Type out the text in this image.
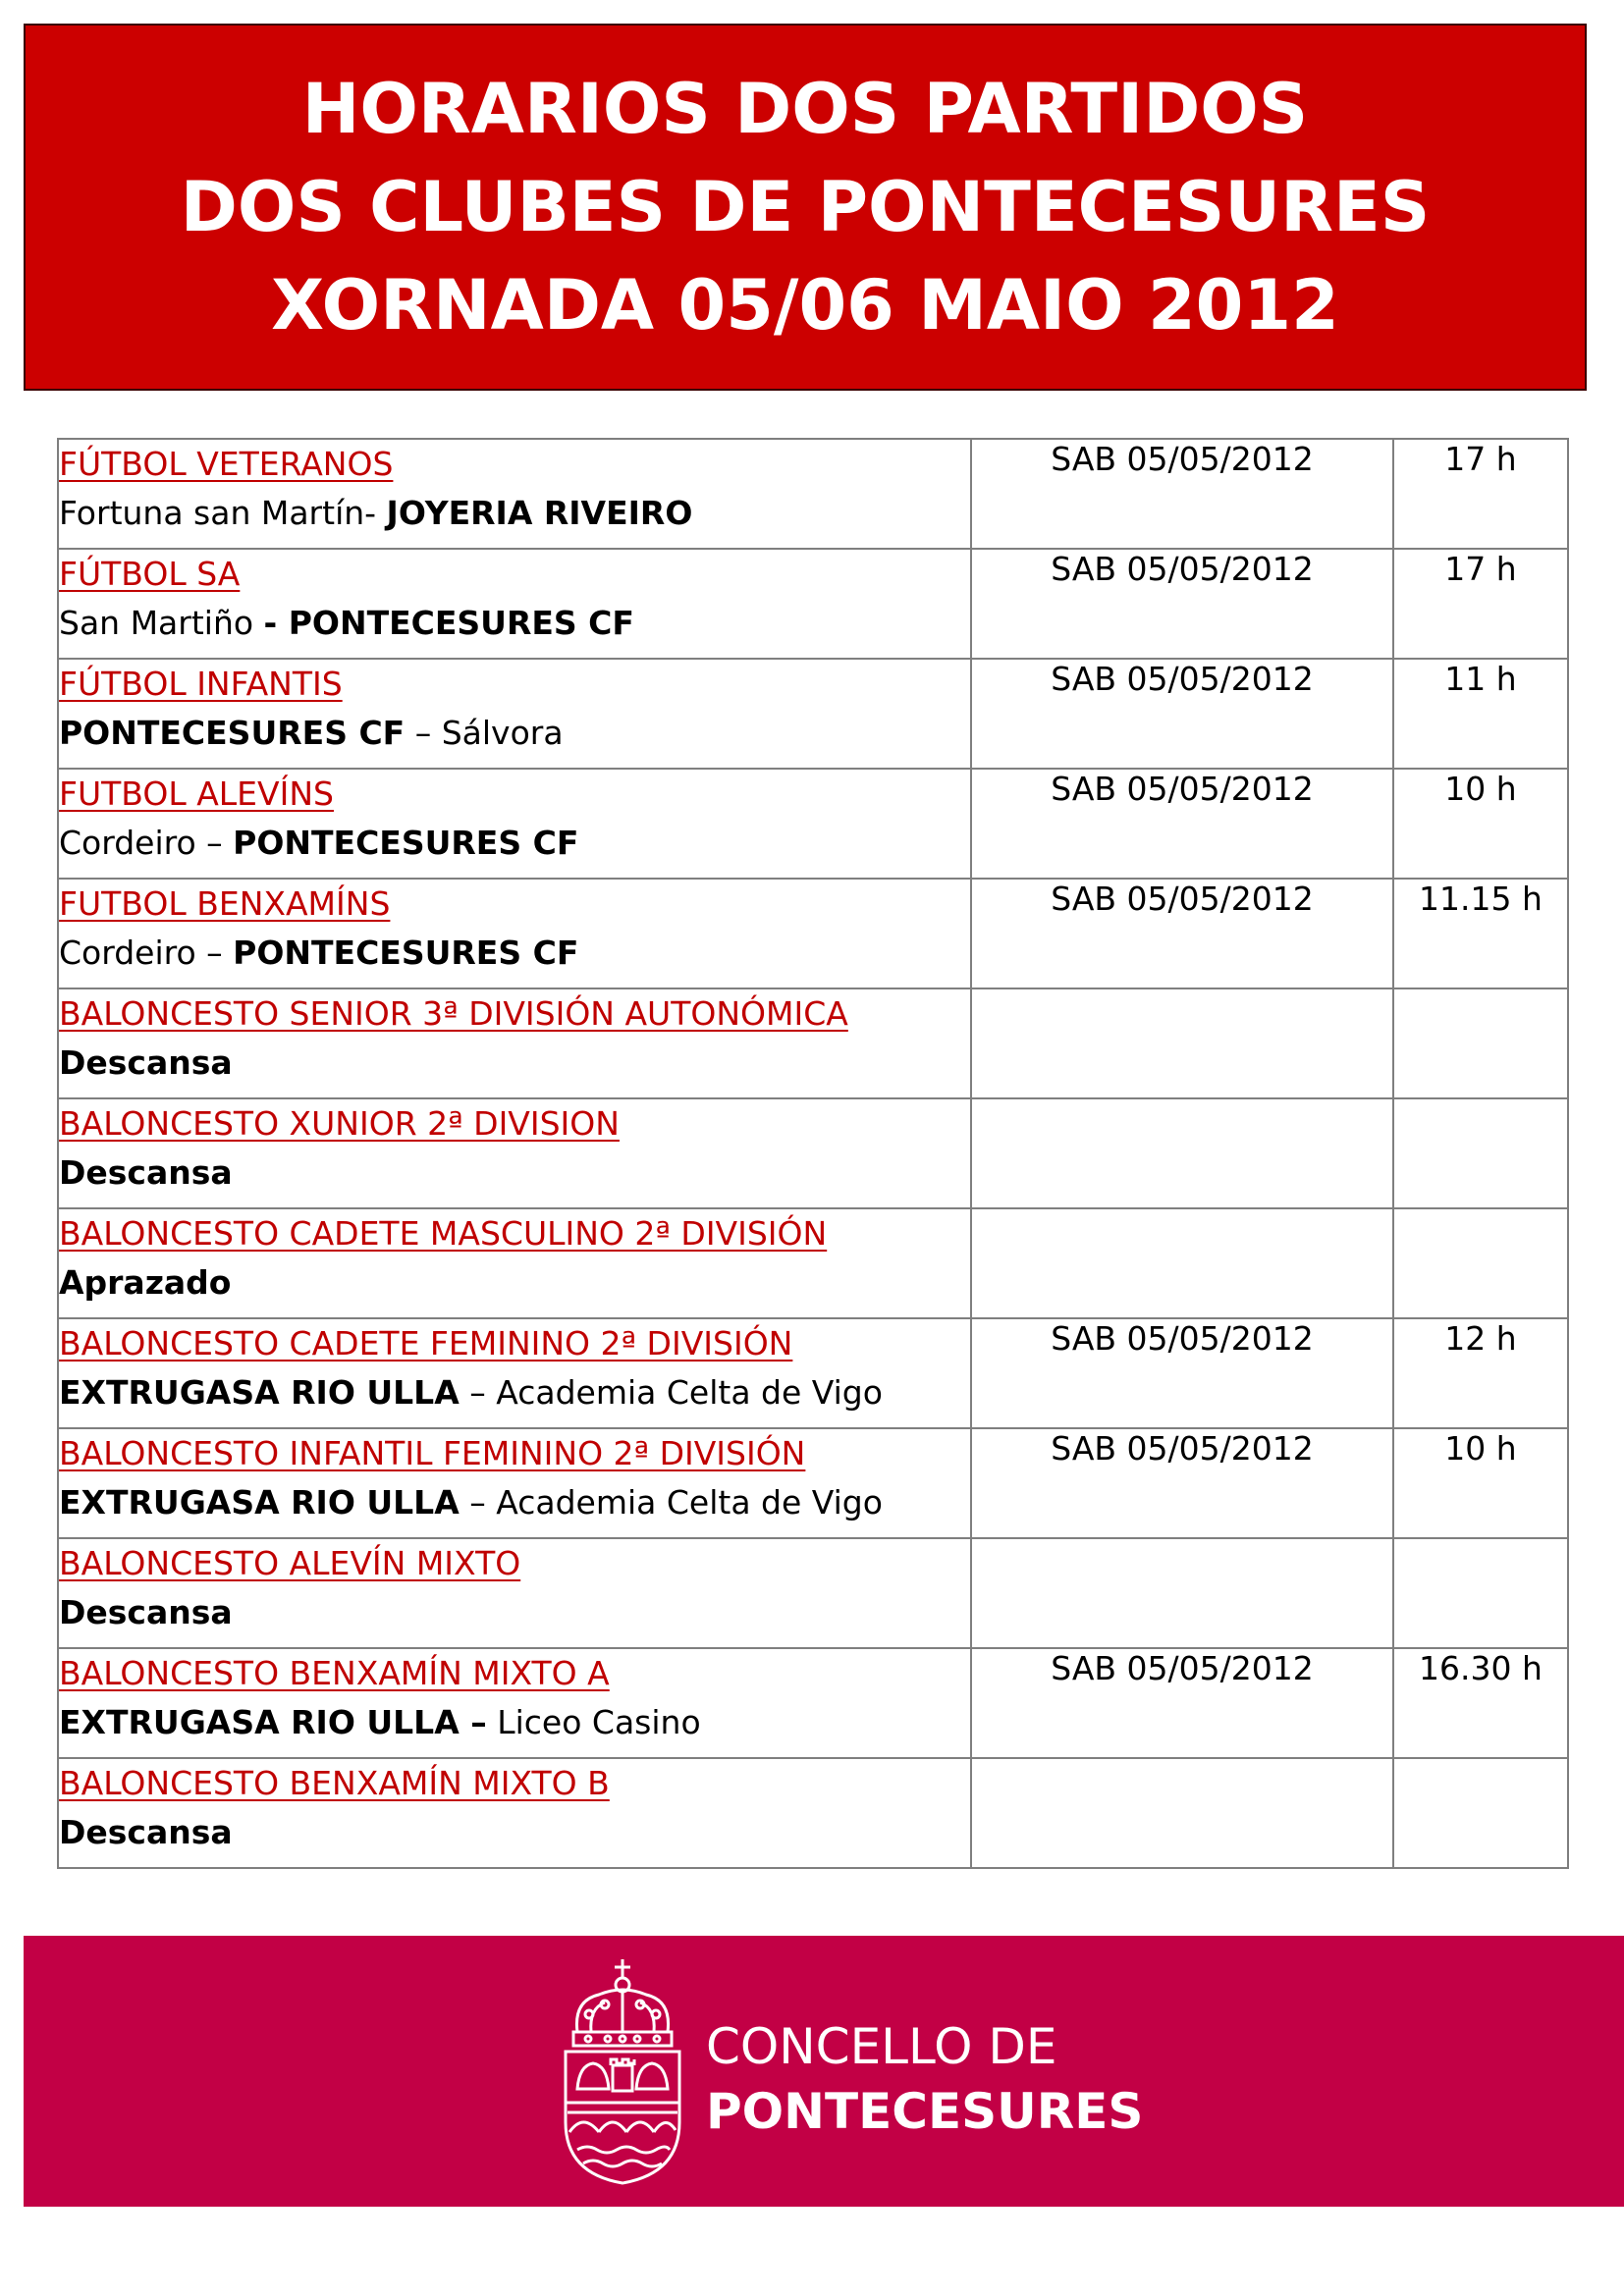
HORARIOS DOS PARTIDOS
DOS CLUBES DE PONTECESURES
XORNADA 05/06 MAIO 2012
FÚTBOL VETERANOS
Fortuna san Martín- JOYERIA RIVEIRO	SAB 05/05/2012	17 h

FÚTBOL SA
San Martiño - PONTECESURES CF	SAB 05/05/2012	17 h

FÚTBOL INFANTIS
PONTECESURES CF – Sálvora	SAB 05/05/2012	11 h

FUTBOL ALEVÍNS
Cordeiro – PONTECESURES CF	SAB 05/05/2012	10 h

FUTBOL BENXAMÍNS
Cordeiro – PONTECESURES CF	SAB 05/05/2012	11.15 h

BALONCESTO SENIOR 3ª DIVISIÓN AUTONÓMICA
Descansa		

BALONCESTO XUNIOR 2ª DIVISION
Descansa		

BALONCESTO CADETE MASCULINO 2ª DIVISIÓN
Aprazado		

BALONCESTO CADETE FEMININO 2ª DIVISIÓN
EXTRUGASA RIO ULLA – Academia Celta de Vigo	SAB 05/05/2012	12 h

BALONCESTO INFANTIL FEMININO 2ª DIVISIÓN
EXTRUGASA RIO ULLA – Academia Celta de Vigo	SAB 05/05/2012	10 h

BALONCESTO ALEVÍN MIXTO
Descansa		

BALONCESTO BENXAMÍN MIXTO A
EXTRUGASA RIO ULLA – Liceo Casino	SAB 05/05/2012	16.30 h

BALONCESTO BENXAMÍN MIXTO B
Descansa		

CONCELLO DE
PONTECESURES
